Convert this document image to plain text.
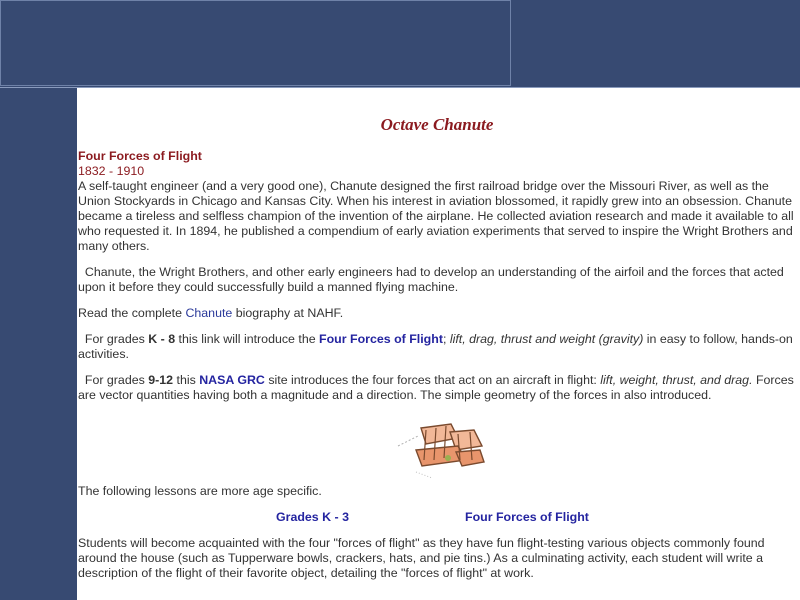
Octave Chanute
Four Forces of Flight
1832 - 1910

A self-taught engineer (and a very good one), Chanute designed the first railroad bridge over the Missouri River, as well as the Union Stockyards in Chicago and Kansas City. When his interest in aviation blossomed, it rapidly grew into an obsession. Chanute became a tireless and selfless champion of the invention of the airplane. He collected aviation research and made it available to all who requested it. In 1894, he published a compendium of early aviation experiments that served to inspire the Wright Brothers and many others.

Chanute, the Wright Brothers, and other early engineers had to develop an understanding of the airfoil and the forces that acted upon it before they could successfully build a manned flying machine.

Read the complete Chanute biography at NAHF.

For grades K - 8 this link will introduce the Four Forces of Flight; lift, drag, thrust and weight (gravity) in easy to follow, hands-on activities.

For grades 9-12 this NASA GRC site introduces the four forces that act on an aircraft in flight: lift, weight, thrust, and drag. Forces are vector quantities having both a magnitude and a direction. The simple geometry of the forces in also introduced.

The following lessons are more age specific.

Grades K - 3	Four Forces of Flight

Students will become acquainted with the four "forces of flight" as they have fun flight-testing various objects commonly found around the house (such as Tupperware bowls, crackers, hats, and pie tins.) As a culminating activity, each student will write a description of the flight of their favorite object, detailing the "forces of flight" at work.
